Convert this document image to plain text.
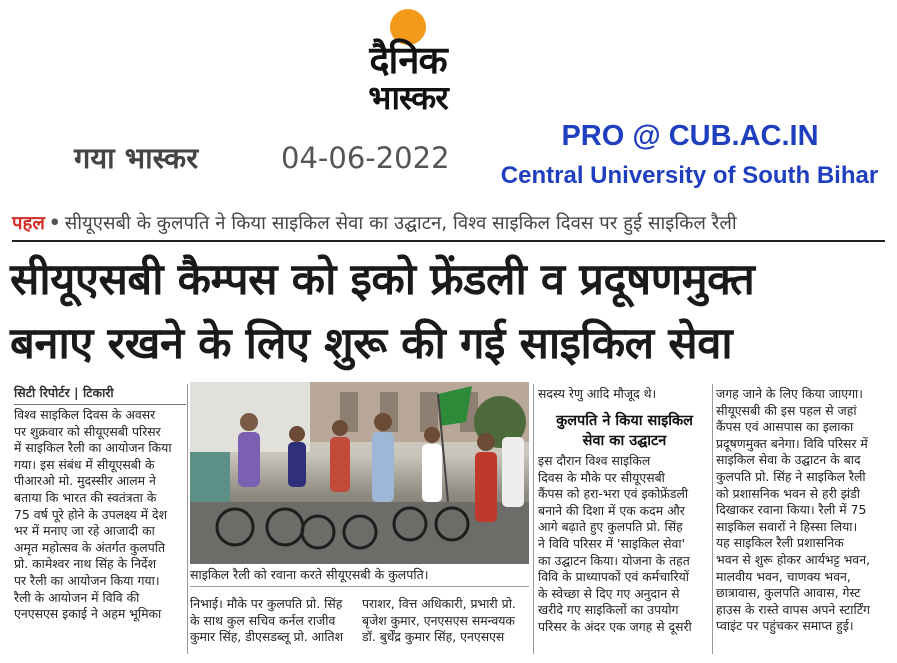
दैनिक
भास्कर
गया भास्कर	04-06-2022
PRO @ CUB.AC.IN
Central University of South Bihar
पहल • सीयूएसबी के कुलपति ने किया साइकिल सेवा का उद्घाटन, विश्व साइकिल दिवस पर हुई साइकिल रैली
सीयूएसबी कैम्पस को इको फ्रेंडली व प्रदूषणमुक्त
बनाए रखने के लिए शुरू की गई साइकिल सेवा
सिटी रिपोर्टर | टिकारी

विश्व साइकिल दिवस के अवसर

पर शुक्रवार को सीयूएसबी परिसर

में साइकिल रैली का आयोजन किया

गया। इस संबंध में सीयूएसबी के

पीआरओ मो. मुदस्सीर आलम ने

बताया कि भारत की स्वतंत्रता के

75 वर्ष पूरे होने के उपलक्ष्य में देश

भर में मनाए जा रहे आजादी का

अमृत महोत्सव के अंतर्गत कुलपति

प्रो. कामेश्वर नाथ सिंह के निर्देश

पर रैली का आयोजन किया गया।

रैली के आयोजन में विवि की

एनएसएस इकाई ने अहम भूमिका

साइकिल रैली को रवाना करते सीयूएसबी के कुलपति।

निभाई। मौके पर कुलपति प्रो. सिंह

के साथ कुल सचिव कर्नल राजीव

कुमार सिंह, डीएसडब्लू प्रो. आतिश

पराशर, वित्त अधिकारी, प्रभारी प्रो.

बृजेश कुमार, एनएसएस समन्वयक

डॉ. बुर्धेंद्र कुमार सिंह, एनएसएस

सदस्य रेणु आदि मौजूद थे।

कुलपति ने किया साइकिल
सेवा का उद्घाटन

इस दौरान विश्व साइकिल

दिवस के मौके पर सीयूएसबी

कैंपस को हरा-भरा एवं इकोफ्रेंडली

बनाने की दिशा में एक कदम और

आगे बढ़ाते हुए कुलपति प्रो. सिंह

ने विवि परिसर में 'साइकिल सेवा'

का उद्घाटन किया। योजना के तहत

विवि के प्राध्यापकों एवं कर्मचारियों

के स्वेच्छा से दिए गए अनुदान से

खरीदे गए साइकिलों का उपयोग

परिसर के अंदर एक जगह से दूसरी

जगह जाने के लिए किया जाएगा।

सीयूएसबी की इस पहल से जहां

कैंपस एवं आसपास का इलाका

प्रदूषणमुक्त बनेगा। विवि परिसर में

साइकिल सेवा के उद्घाटन के बाद

कुलपति प्रो. सिंह ने साइकिल रैली

को प्रशासनिक भवन से हरी झंडी

दिखाकर रवाना किया। रैली में 75

साइकिल सवारों ने हिस्सा लिया।

यह साइकिल रैली प्रशासनिक

भवन से शुरू होकर आर्यभट्ट भवन,

मालवीय भवन, चाणक्य भवन,

छात्रावास, कुलपति आवास, गेस्ट

हाउस के रास्ते वापस अपने स्टार्टिंग

प्वाइंट पर पहुंचकर समाप्त हुई।
